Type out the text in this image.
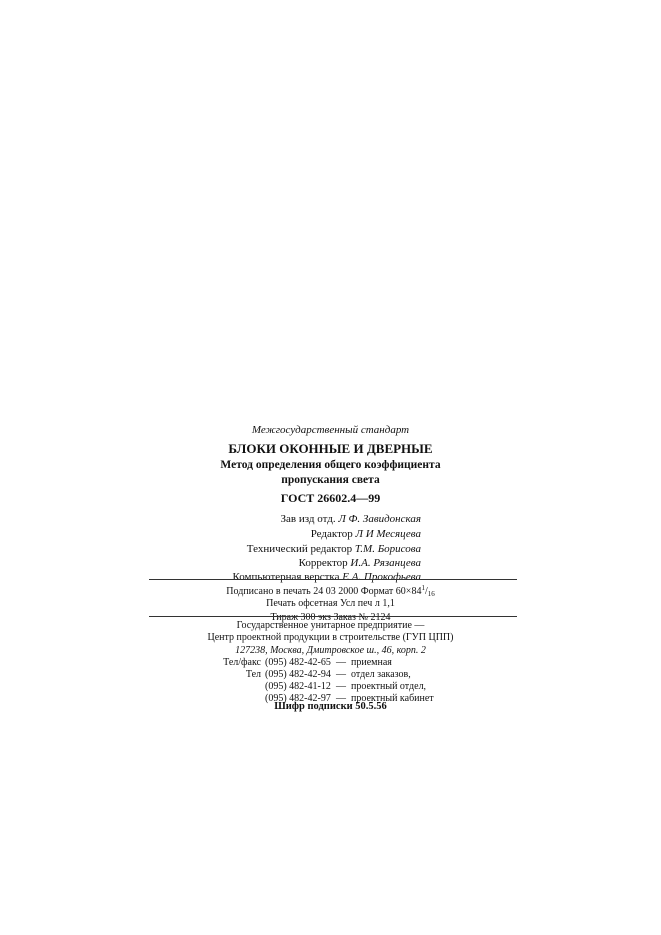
Межгосударственный стандарт
БЛОКИ ОКОННЫЕ И ДВЕРНЫЕ
Метод определения общего коэффициента
пропускания света
ГОСТ 26602.4—99
Зав изд отд. Л Ф. Завидонская
Редактор Л И Месяцева
Технический редактор Т.М. Борисова
Корректор И.А. Рязанцева
Компьютерная верстка Е А. Прокофьева
Подписано в печать 24 03 2000 Формат $60\times 84^1/_{16}$
Печать офсетная Усл печ л 1,1
Тираж 300 экз Заказ № 2124
Государственное унитарное предприятие —
Центр проектной продукции в строительстве (ГУП ЦПП)
127238, Москва, Дмитровское ш., 46, корп. 2
Тел/факс (095) 482-42-65 — приемная
Тел (095) 482-42-94 — отдел заказов,
(095) 482-41-12 — проектный отдел,
(095) 482-42-97 — проектный кабинет
Шифр подписки 50.5.56
